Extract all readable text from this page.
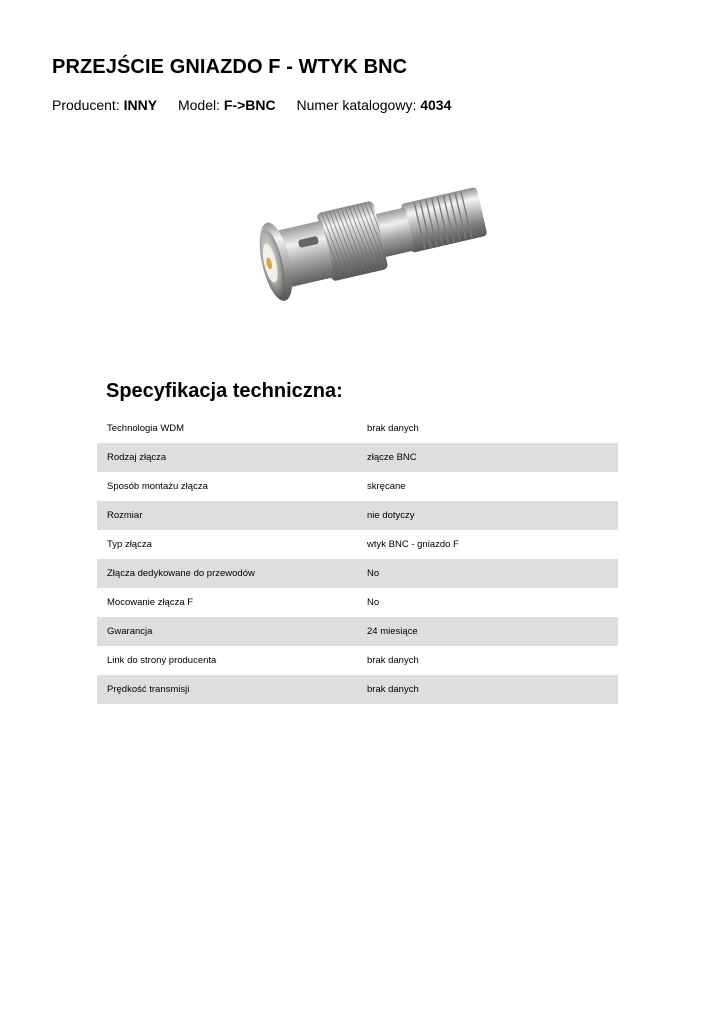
PRZEJŚCIE GNIAZDO F - WTYK BNC
Producent: INNY Model: F->BNC Numer katalogowy: 4034
Specyfikacja techniczna:
Technologia WDM	brak danych
Rodzaj złącza	złącze BNC
Sposób montażu złącza	skręcane
Rozmiar	nie dotyczy
Typ złącza	wtyk BNC - gniazdo F
Złącza dedykowane do przewodów	No
Mocowanie złącza F	No
Gwarancja	24 miesiące
Link do strony producenta	brak danych
Prędkość transmisji	brak danych
